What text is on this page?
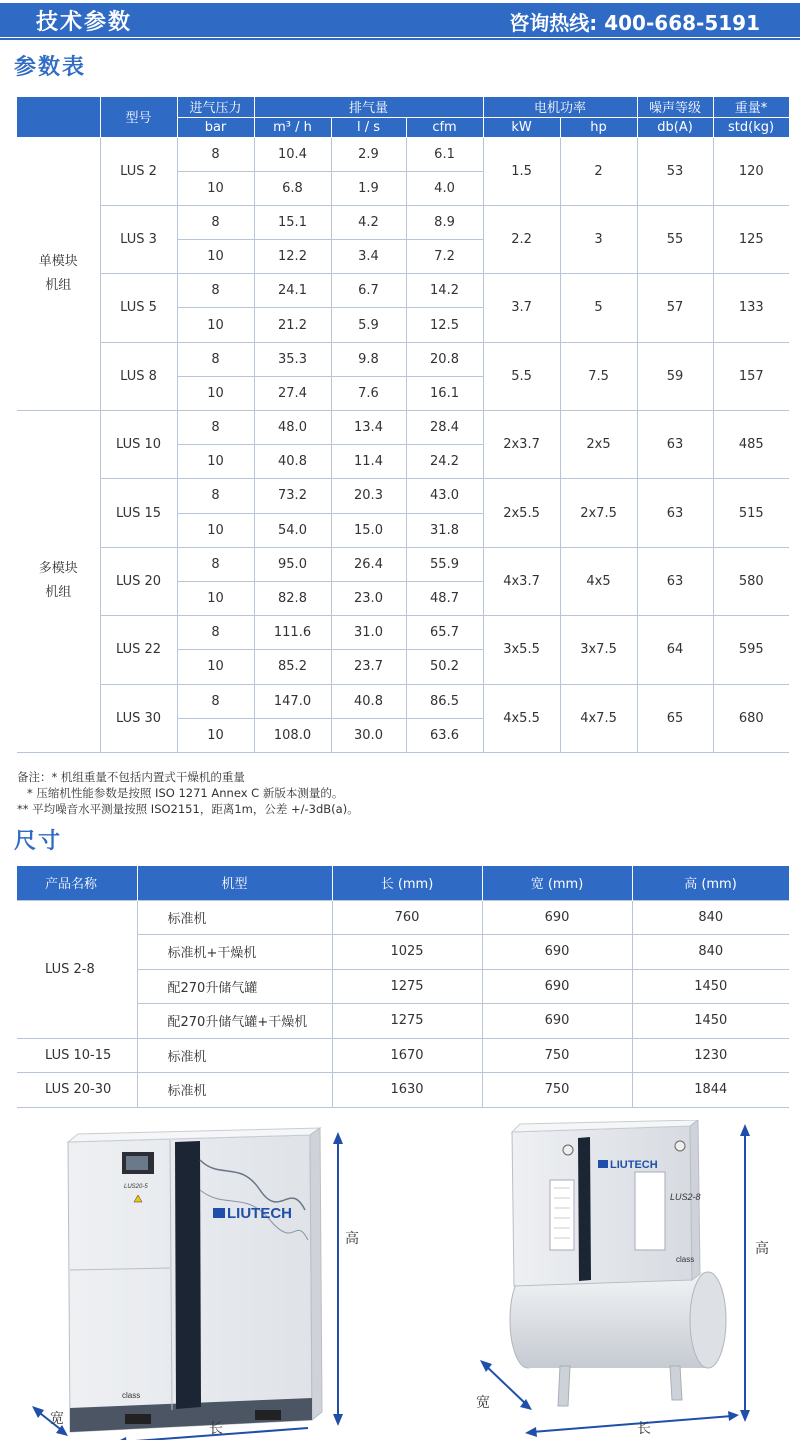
技术参数	咨询热线: 400-668-5191
参数表
	型号	进气压力	排气量			电机功率		噪声等级	重量*
		bar	m³ / h	l / s	cfm	kW	hp	db(A)	std(kg)

单模块
机组	LUS 2	8	10.4	2.9	6.1	1.5	2	53	120
		10	6.8	1.9	4.0				
	LUS 3	8	15.1	4.2	8.9	2.2	3	55	125
		10	12.2	3.4	7.2				
	LUS 5	8	24.1	6.7	14.2	3.7	5	57	133
		10	21.2	5.9	12.5				
	LUS 8	8	35.3	9.8	20.8	5.5	7.5	59	157
		10	27.4	7.6	16.1				

多模块
机组	LUS 10	8	48.0	13.4	28.4	2x3.7	2x5	63	485
		10	40.8	11.4	24.2				
	LUS 15	8	73.2	20.3	43.0	2x5.5	2x7.5	63	515
		10	54.0	15.0	31.8				
	LUS 20	8	95.0	26.4	55.9	4x3.7	4x5	63	580
		10	82.8	23.0	48.7				
	LUS 22	8	111.6	31.0	65.7	3x5.5	3x7.5	64	595
		10	85.2	23.7	50.2				
	LUS 30	8	147.0	40.8	86.5	4x5.5	4x7.5	65	680
		10	108.0	30.0	63.6				
备注：* 机组重量不包括内置式干燥机的重量
* 压缩机性能参数是按照 ISO 1271 Annex C 新版本测量的。
** 平均噪音水平测量按照 ISO2151，距离1m，公差 +/-3dB(a)。
尺寸
产品名称	机型	长 (mm)	宽 (mm)	高 (mm)
LUS 2-8	标准机	760	690	840
	标准机+干燥机	1025	690	840
	配270升储气罐	1275	690	1450
	配270升储气罐+干燥机	1275	690	1450
LUS 10-15	标准机	1670	750	1230
LUS 20-30	标准机	1630	750	1844
LIUTECH
LUS20-5
class
高
长
宽
LIUTECH
LUS2-8
class
高
长
宽
